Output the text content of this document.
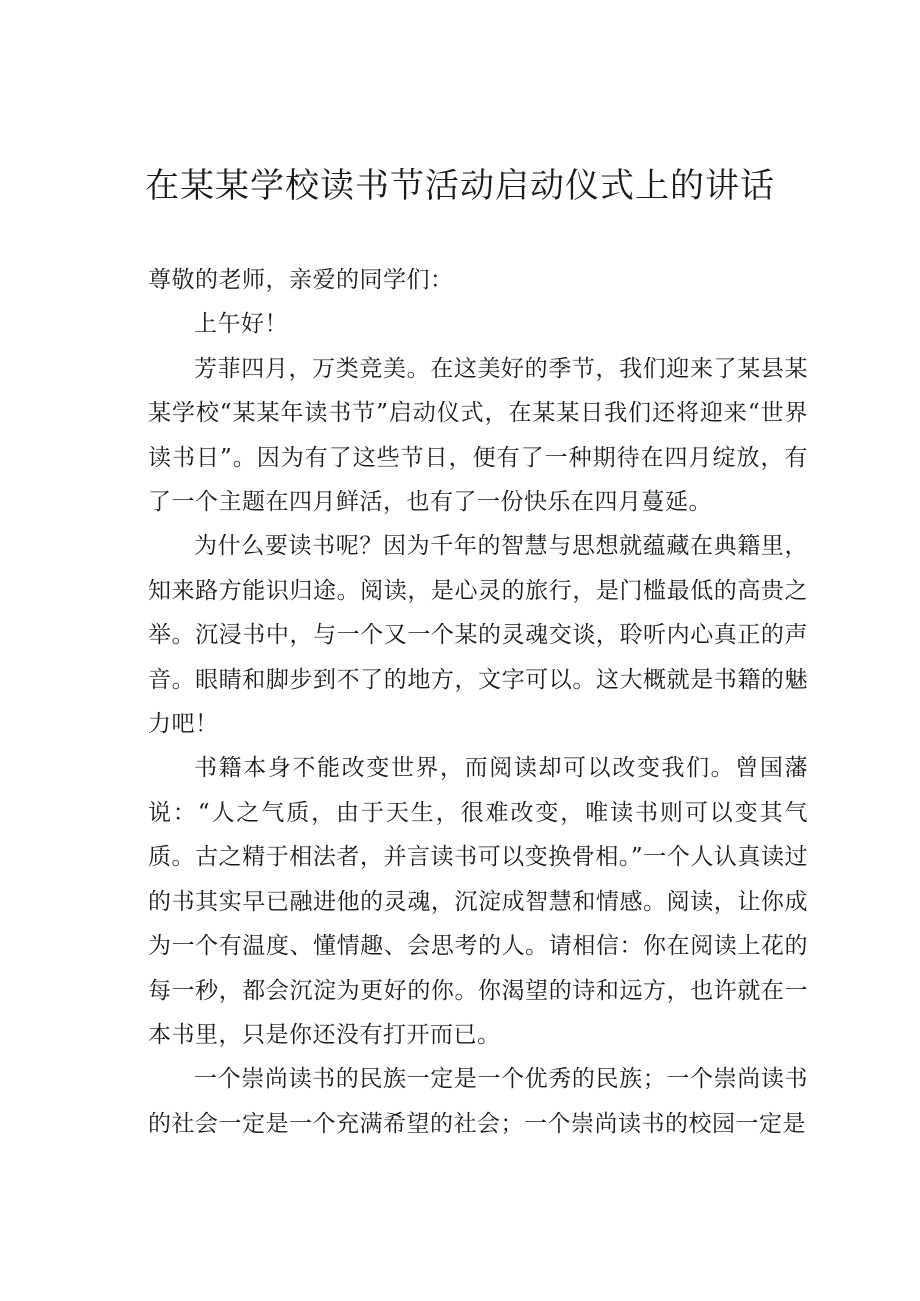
在某某学校读书节活动启动仪式上的讲话

尊敬的老师，亲爱的同学们：

上午好！

芳菲四月，万类竞美。在这美好的季节，我们迎来了某县某某学校“某某年读书节”启动仪式，在某某日我们还将迎来“世界读书日”。因为有了这些节日，便有了一种期待在四月绽放，有了一个主题在四月鲜活，也有了一份快乐在四月蔓延。

为什么要读书呢？因为千年的智慧与思想就蕴藏在典籍里，知来路方能识归途。阅读，是心灵的旅行，是门槛最低的高贵之举。沉浸书中，与一个又一个某的灵魂交谈，聆听内心真正的声音。眼睛和脚步到不了的地方，文字可以。这大概就是书籍的魅力吧！

书籍本身不能改变世界，而阅读却可以改变我们。曾国藩说：“人之气质，由于天生，很难改变，唯读书则可以变其气质。古之精于相法者，并言读书可以变换骨相。”一个人认真读过的书其实早已融进他的灵魂，沉淀成智慧和情感。阅读，让你成为一个有温度、懂情趣、会思考的人。请相信：你在阅读上花的每一秒，都会沉淀为更好的你。你渴望的诗和远方，也许就在一本书里，只是你还没有打开而已。

一个崇尚读书的民族一定是一个优秀的民族；一个崇尚读书的社会一定是一个充满希望的社会；一个崇尚读书的校园一定是
